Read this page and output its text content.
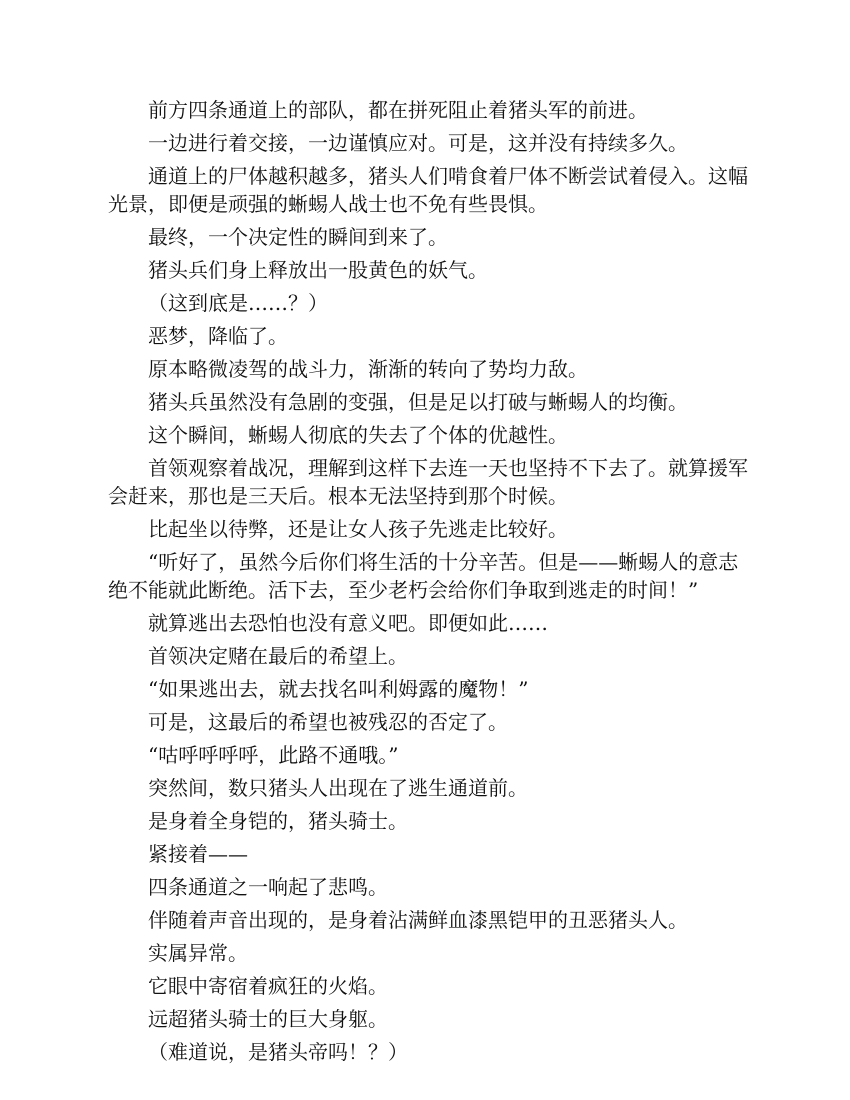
前方四条通道上的部队，都在拼死阻止着猪头军的前进。

一边进行着交接，一边谨慎应对。可是，这并没有持续多久。

通道上的尸体越积越多，猪头人们啃食着尸体不断尝试着侵入。这幅光景，即便是顽强的蜥蜴人战士也不免有些畏惧。

最终，一个决定性的瞬间到来了。

猪头兵们身上释放出一股黄色的妖气。

（这到底是……？）

恶梦，降临了。

原本略微凌驾的战斗力，渐渐的转向了势均力敌。

猪头兵虽然没有急剧的变强，但是足以打破与蜥蜴人的均衡。

这个瞬间，蜥蜴人彻底的失去了个体的优越性。

首领观察着战况，理解到这样下去连一天也坚持不下去了。就算援军会赶来，那也是三天后。根本无法坚持到那个时候。

比起坐以待弊，还是让女人孩子先逃走比较好。

“听好了，虽然今后你们将生活的十分辛苦。但是——蜥蜴人的意志绝不能就此断绝。活下去，至少老朽会给你们争取到逃走的时间！”

就算逃出去恐怕也没有意义吧。即便如此……

首领决定赌在最后的希望上。

“如果逃出去，就去找名叫利姆露的魔物！”

可是，这最后的希望也被残忍的否定了。

“咕呼呼呼呼，此路不通哦。”

突然间，数只猪头人出现在了逃生通道前。

是身着全身铠的，猪头骑士。

紧接着——

四条通道之一响起了悲鸣。

伴随着声音出现的，是身着沾满鲜血漆黑铠甲的丑恶猪头人。

实属异常。

它眼中寄宿着疯狂的火焰。

远超猪头骑士的巨大身躯。

（难道说，是猪头帝吗！？）
